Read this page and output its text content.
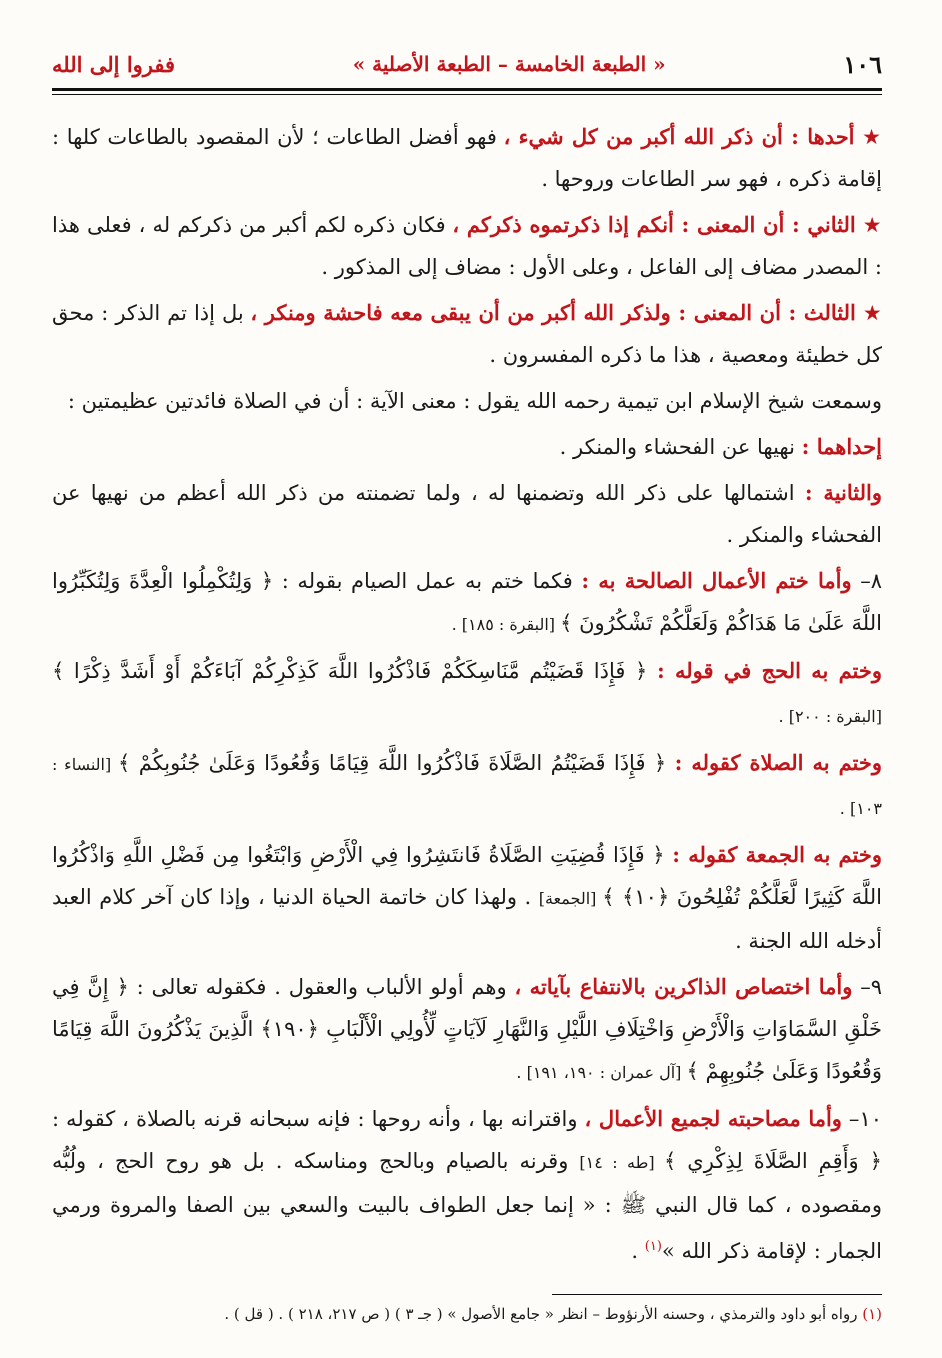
١٠٦
« الطبعة الخامسة – الطبعة الأصلية »
ففروا إلى الله

★ أحدها : أن ذكر الله أكبر من كل شيء ، فهو أفضل الطاعات ؛ لأن المقصود بالطاعات كلها : إقامة ذكره ، فهو سر الطاعات وروحها .

★ الثاني : أن المعنى : أنكم إذا ذكرتموه ذكركم ، فكان ذكره لكم أكبر من ذكركم له ، فعلى هذا : المصدر مضاف إلى الفاعل ، وعلى الأول : مضاف إلى المذكور .

★ الثالث : أن المعنى : ولذكر الله أكبر من أن يبقى معه فاحشة ومنكر ، بل إذا تم الذكر : محق كل خطيئة ومعصية ، هذا ما ذكره المفسرون .

وسمعت شيخ الإسلام ابن تيمية رحمه الله يقول : معنى الآية : أن في الصلاة فائدتين عظيمتين :

إحداهما : نهيها عن الفحشاء والمنكر .

والثانية : اشتمالها على ذكر الله وتضمنها له ، ولما تضمنته من ذكر الله أعظم من نهيها عن الفحشاء والمنكر .

٨– وأما ختم الأعمال الصالحة به : فكما ختم به عمل الصيام بقوله : ﴿ وَلِتُكْمِلُوا الْعِدَّةَ وَلِتُكَبِّرُوا اللَّهَ عَلَىٰ مَا هَدَاكُمْ وَلَعَلَّكُمْ تَشْكُرُونَ ﴾ [البقرة : ١٨٥] .

وختم به الحج في قوله : ﴿ فَإِذَا قَضَيْتُم مَّنَاسِكَكُمْ فَاذْكُرُوا اللَّهَ كَذِكْرِكُمْ آبَاءَكُمْ أَوْ أَشَدَّ ذِكْرًا ﴾ [البقرة : ٢٠٠] .

وختم به الصلاة كقوله : ﴿ فَإِذَا قَضَيْتُمُ الصَّلَاةَ فَاذْكُرُوا اللَّهَ قِيَامًا وَقُعُودًا وَعَلَىٰ جُنُوبِكُمْ ﴾ [النساء : ١٠٣] .

وختم به الجمعة كقوله : ﴿ فَإِذَا قُضِيَتِ الصَّلَاةُ فَانتَشِرُوا فِي الْأَرْضِ وَابْتَغُوا مِن فَضْلِ اللَّهِ وَاذْكُرُوا اللَّهَ كَثِيرًا لَّعَلَّكُمْ تُفْلِحُونَ ﴿١٠﴾ ﴾ [الجمعة] . ولهذا كان خاتمة الحياة الدنيا ، وإذا كان آخر كلام العبد أدخله الله الجنة .

٩– وأما اختصاص الذاكرين بالانتفاع بآياته ، وهم أولو الألباب والعقول . فكقوله تعالى : ﴿ إِنَّ فِي خَلْقِ السَّمَاوَاتِ وَالْأَرْضِ وَاخْتِلَافِ اللَّيْلِ وَالنَّهَارِ لَآيَاتٍ لِّأُولِي الْأَلْبَابِ ﴿١٩٠﴾ الَّذِينَ يَذْكُرُونَ اللَّهَ قِيَامًا وَقُعُودًا وَعَلَىٰ جُنُوبِهِمْ ﴾ [آل عمران : ١٩٠، ١٩١] .

١٠– وأما مصاحبته لجميع الأعمال ، واقترانه بها ، وأنه روحها : فإنه سبحانه قرنه بالصلاة ، كقوله : ﴿ وَأَقِمِ الصَّلَاةَ لِذِكْرِي ﴾ [طه : ١٤] وقرنه بالصيام وبالحج ومناسكه . بل هو روح الحج ، ولُبُّه ومقصوده ، كما قال النبي ﷺ : « إنما جعل الطواف بالبيت والسعي بين الصفا والمروة ورمي الجمار : لإقامة ذكر الله »$^{(١)}$ .

(١) رواه أبو داود والترمذي ، وحسنه الأرنؤوط – انظر « جامع الأصول » ( جـ ٣ ) ( ص ٢١٧، ٢١٨ ) . ( قل ) .
